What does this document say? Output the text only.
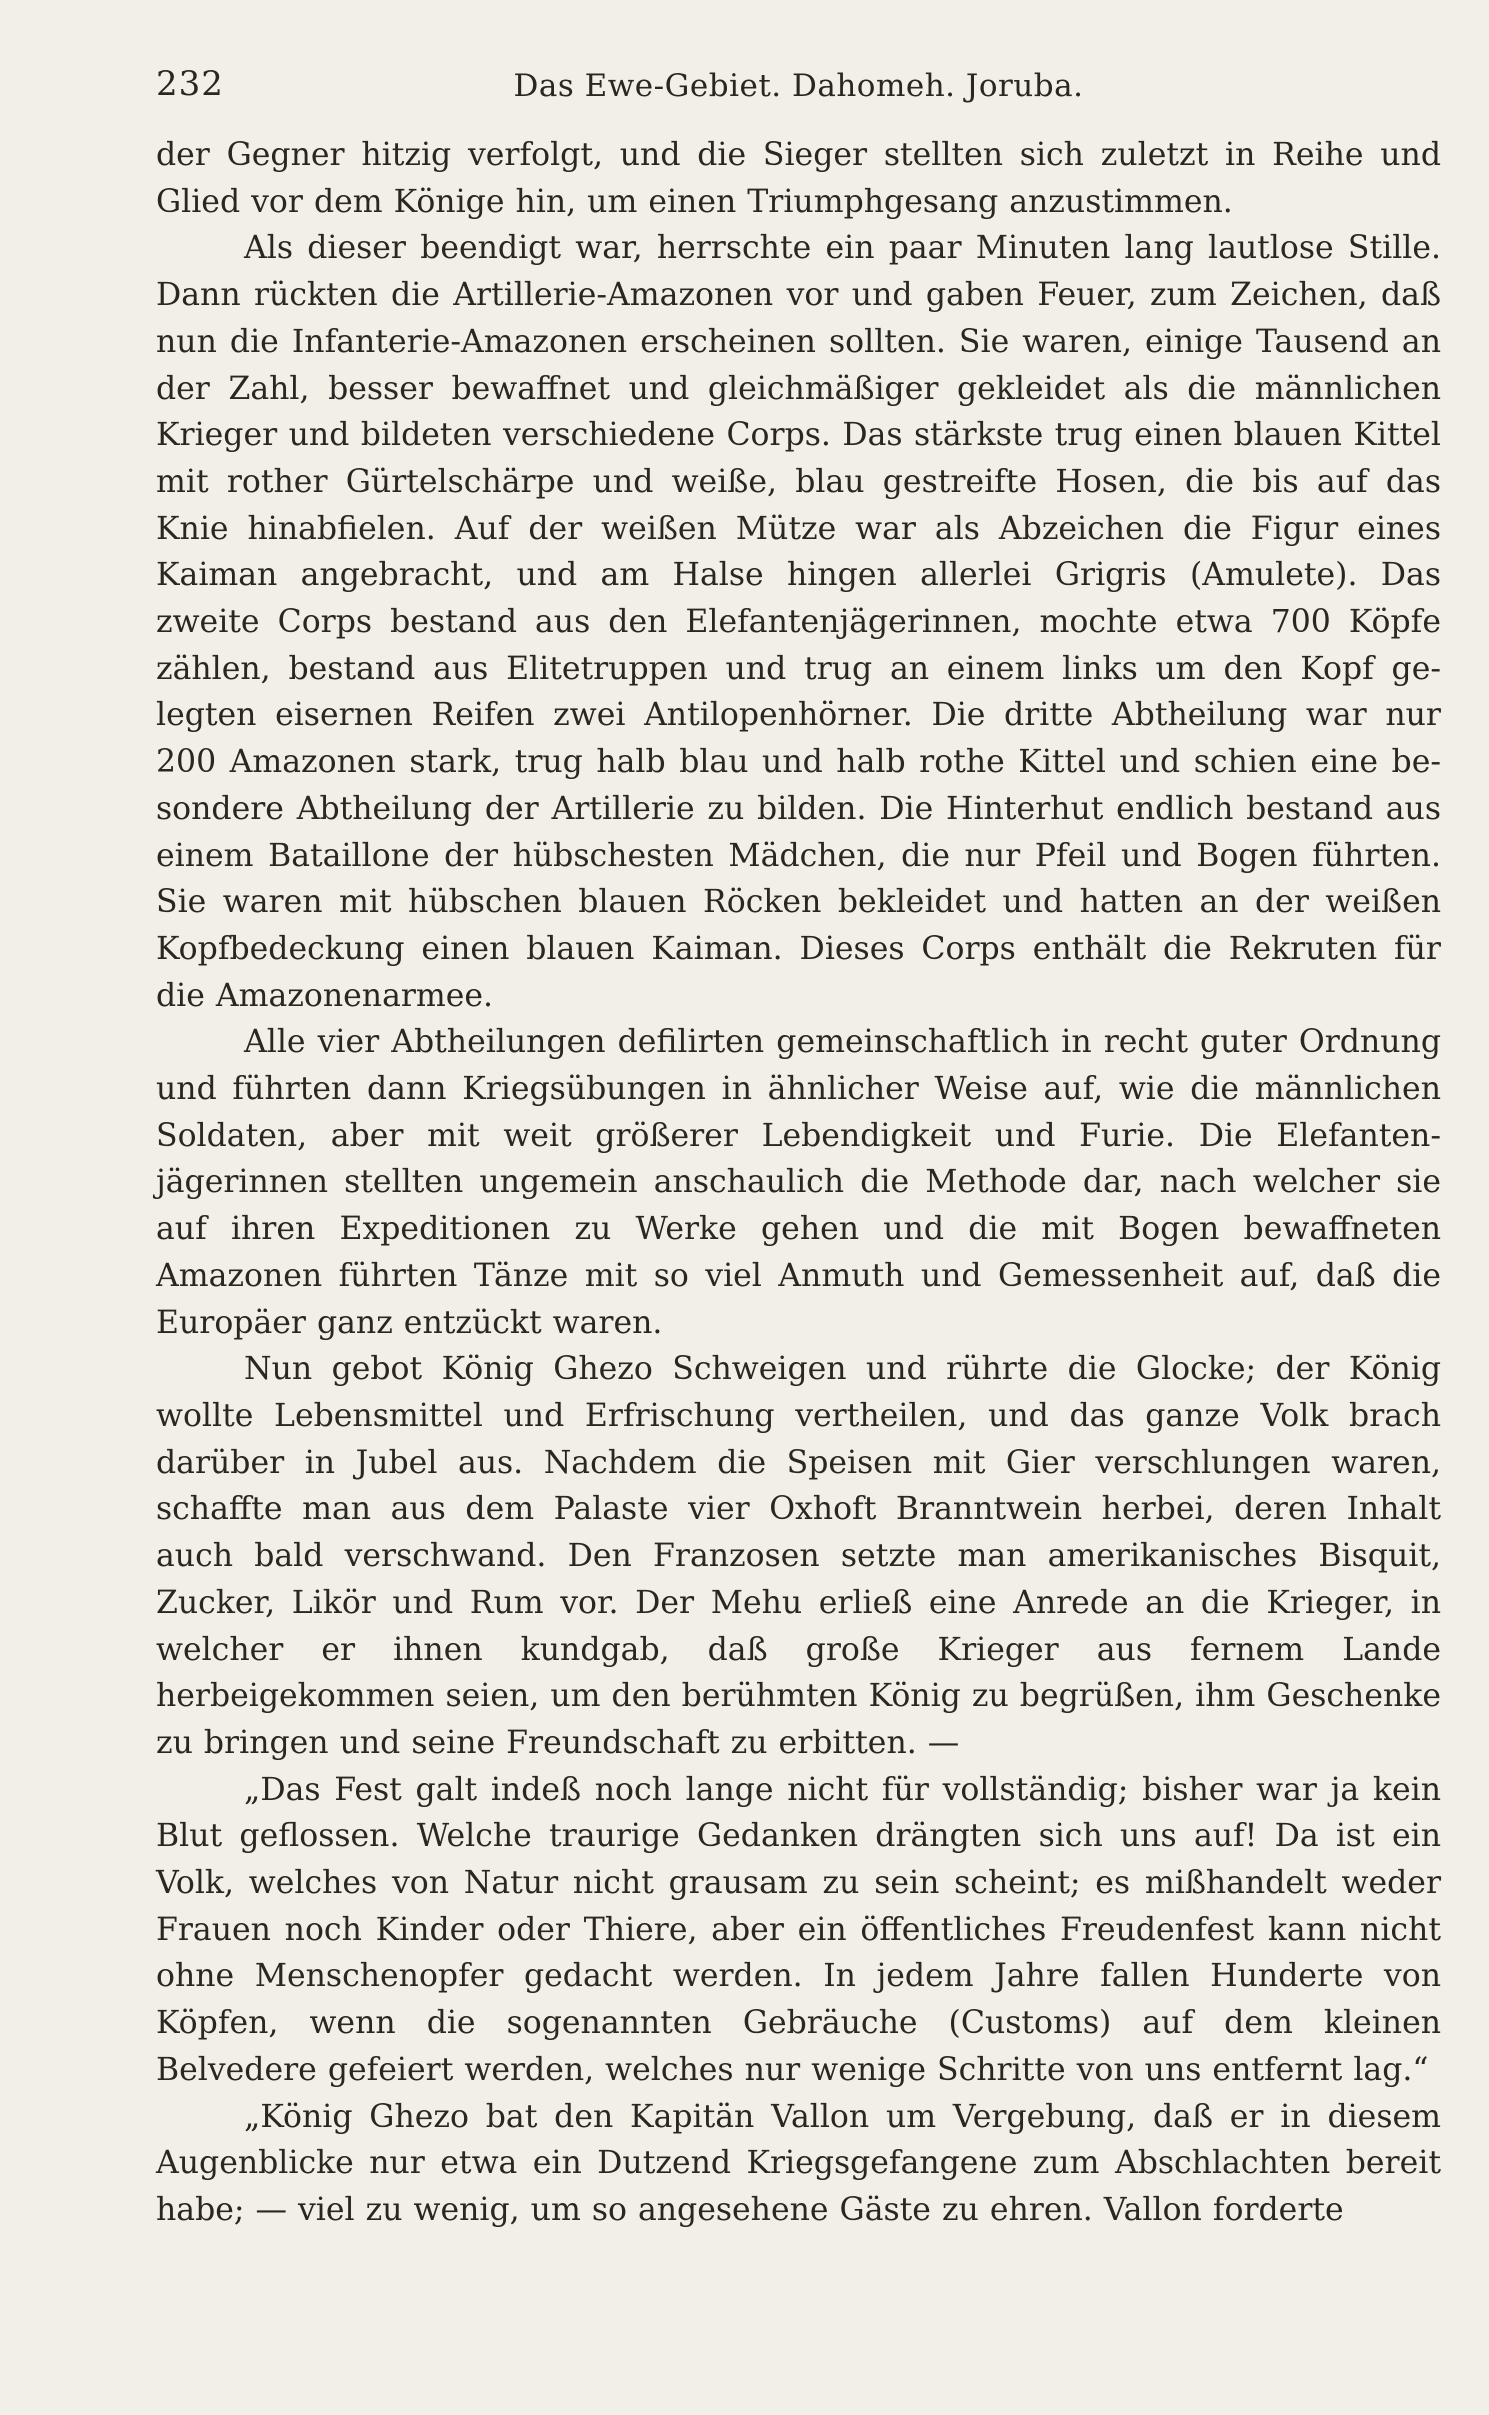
232	Das Ewe-Gebiet. Dahomeh. Joruba.

der Gegner hitzig verfolgt, und die Sieger stellten sich zuletzt in Reihe und Glied vor dem Könige hin, um einen Triumphgesang anzustimmen.

Als dieser beendigt war, herrschte ein paar Minuten lang lautlose Stille. Dann rückten die Artillerie-Amazonen vor und gaben Feuer, zum Zeichen, daß nun die Infanterie-Amazonen erscheinen sollten. Sie waren, einige Tausend an der Zahl, besser bewaffnet und gleichmäßiger gekleidet als die männlichen Krieger und bildeten verschiedene Corps. Das stärkste trug einen blauen Kittel mit rother Gürtelschärpe und weiße, blau gestreifte Hosen, die bis auf das Knie hinabfielen. Auf der weißen Mütze war als Abzeichen die Figur eines Kaiman angebracht, und am Halse hingen allerlei Grigris (Amulete). Das zweite Corps bestand aus den Elefantenjägerinnen, mochte etwa 700 Köpfe zählen, bestand aus Elitetruppen und trug an einem links um den Kopf gelegten eisernen Reifen zwei Antilopenhörner. Die dritte Abtheilung war nur 200 Amazonen stark, trug halb blau und halb rothe Kittel und schien eine besondere Abtheilung der Artillerie zu bilden. Die Hinterhut endlich bestand aus einem Bataillone der hübschesten Mädchen, die nur Pfeil und Bogen führten. Sie waren mit hübschen blauen Röcken bekleidet und hatten an der weißen Kopfbedeckung einen blauen Kaiman. Dieses Corps enthält die Rekruten für die Amazonenarmee.

Alle vier Abtheilungen defilirten gemeinschaftlich in recht guter Ordnung und führten dann Kriegsübungen in ähnlicher Weise auf, wie die männlichen Soldaten, aber mit weit größerer Lebendigkeit und Furie. Die Elefantenjägerinnen stellten ungemein anschaulich die Methode dar, nach welcher sie auf ihren Expeditionen zu Werke gehen und die mit Bogen bewaffneten Amazonen führten Tänze mit so viel Anmuth und Gemessenheit auf, daß die Europäer ganz entzückt waren.

Nun gebot König Ghezo Schweigen und rührte die Glocke; der König wollte Lebensmittel und Erfrischung vertheilen, und das ganze Volk brach darüber in Jubel aus. Nachdem die Speisen mit Gier verschlungen waren, schaffte man aus dem Palaste vier Oxhoft Branntwein herbei, deren Inhalt auch bald verschwand. Den Franzosen setzte man amerikanisches Bisquit, Zucker, Likör und Rum vor. Der Mehu erließ eine Anrede an die Krieger, in welcher er ihnen kundgab, daß große Krieger aus fernem Lande herbeigekommen seien, um den berühmten König zu begrüßen, ihm Geschenke zu bringen und seine Freundschaft zu erbitten. —

„Das Fest galt indeß noch lange nicht für vollständig; bisher war ja kein Blut geflossen. Welche traurige Gedanken drängten sich uns auf! Da ist ein Volk, welches von Natur nicht grausam zu sein scheint; es mißhandelt weder Frauen noch Kinder oder Thiere, aber ein öffentliches Freudenfest kann nicht ohne Menschenopfer gedacht werden. In jedem Jahre fallen Hunderte von Köpfen, wenn die sogenannten Gebräuche (Customs) auf dem kleinen Belvedere gefeiert werden, welches nur wenige Schritte von uns entfernt lag.“

„König Ghezo bat den Kapitän Vallon um Vergebung, daß er in diesem Augenblicke nur etwa ein Dutzend Kriegsgefangene zum Abschlachten bereit habe; — viel zu wenig, um so angesehene Gäste zu ehren. Vallon forderte
